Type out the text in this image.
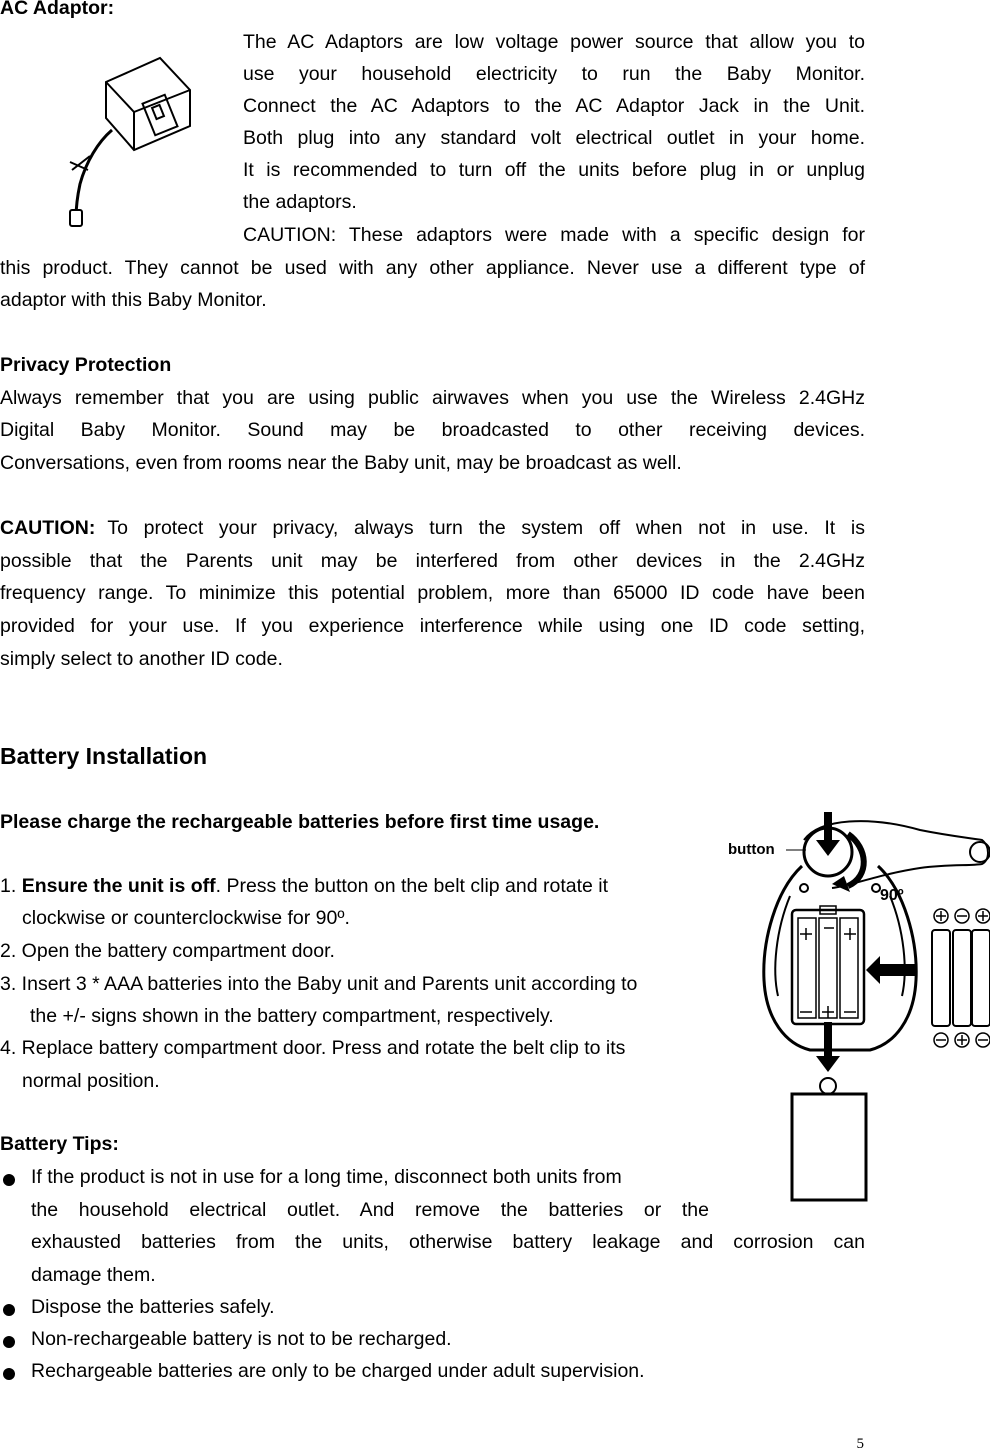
AC Adaptor:
The AC Adaptors are low voltage power source that allow you to
use your household electricity to run the Baby Monitor.
Connect the AC Adaptors to the AC Adaptor Jack in the Unit.
Both plug into any standard volt electrical outlet in your home.
It is recommended to turn off the units before plug in or unplug
the adaptors.
CAUTION: These adaptors were made with a specific design for
this product. They cannot be used with any other appliance. Never use a different type of
adaptor with this Baby Monitor.
Privacy Protection
Always remember that you are using public airwaves when you use the Wireless 2.4GHz
Digital Baby Monitor. Sound may be broadcasted to other receiving devices.
Conversations, even from rooms near the Baby unit, may be broadcast as well.
CAUTION: To protect your privacy, always turn the system off when not in use. It is
possible that the Parents unit may be interfered from other devices in the 2.4GHz
frequency range. To minimize this potential problem, more than 65000 ID code have been
provided for your use. If you experience interference while using one ID code setting,
simply select to another ID code.
Battery Installation
Please charge the rechargeable batteries before first time usage.
1. Ensure the unit is off. Press the button on the belt clip and rotate it
clockwise or counterclockwise for 90º.
2. Open the battery compartment door.
3. Insert 3 * AAA batteries into the Baby unit and Parents unit according to
the +/- signs shown in the battery compartment, respectively.
4. Replace battery compartment door. Press and rotate the belt clip to its
normal position.
button
90º
Battery Tips:
If the product is not in use for a long time, disconnect both units from
the household electrical outlet. And remove the batteries or the
exhausted batteries from the units, otherwise battery leakage and corrosion can
damage them.
Dispose the batteries safely.
Non-rechargeable battery is not to be recharged.
Rechargeable batteries are only to be charged under adult supervision.
5
